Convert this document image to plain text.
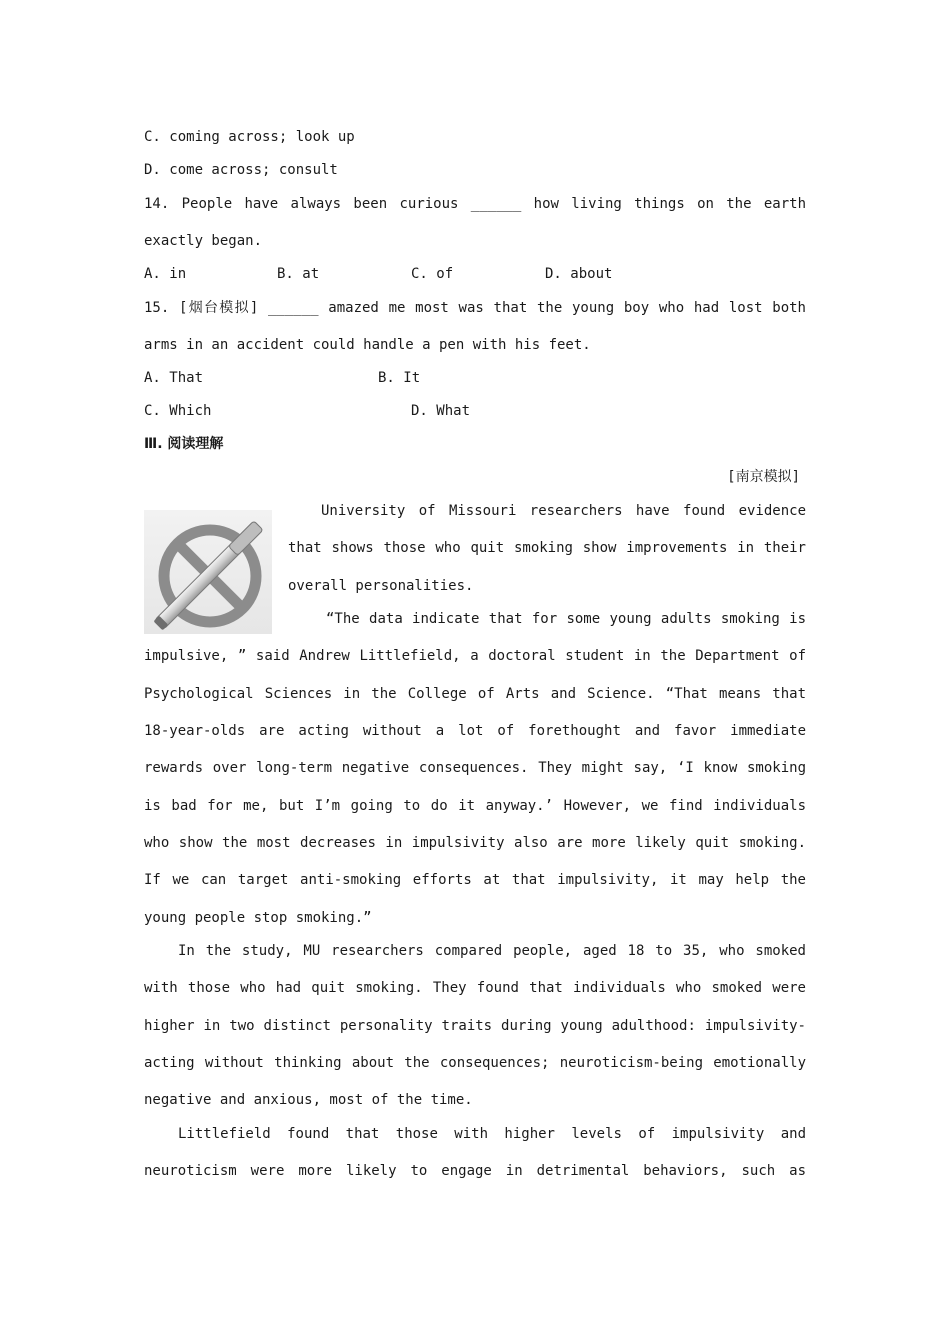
C. coming across; look up
D. come across; consult
14. People have always been curious ______ how living things on the earth
exactly began.
A. in	B. at	C. of	D. about
15. [烟台模拟] ______ amazed me most was that the young boy who had lost both
arms in an accident could handle a pen with his feet.
A. That	B. It
C. Which	D. What
Ⅲ. 阅读理解
[南京模拟]
University of Missouri researchers have found evidence
that shows those who quit smoking show improvements in their
overall personalities.
“The data indicate that for some young adults smoking is
impulsive, ” said Andrew Littlefield, a doctoral student in the Department of
Psychological Sciences in the College of Arts and Science. “That means that
18-year-olds are acting without a lot of forethought and favor immediate
rewards over long-term negative consequences. They might say, ‘I know smoking
is bad for me, but I’m going to do it anyway.’ However, we find individuals
who show the most decreases in impulsivity also are more likely quit smoking.
If we can target anti-smoking efforts at that impulsivity, it may help the
young people stop smoking.”
In the study, MU researchers compared people, aged 18 to 35, who smoked
with those who had quit smoking. They found that individuals who smoked were
higher in two distinct personality traits during young adulthood: impulsivity-
acting without thinking about the consequences; neuroticism-being emotionally
negative and anxious, most of the time.
Littlefield found that those with higher levels of impulsivity and
neuroticism were more likely to engage in detrimental behaviors, such as
